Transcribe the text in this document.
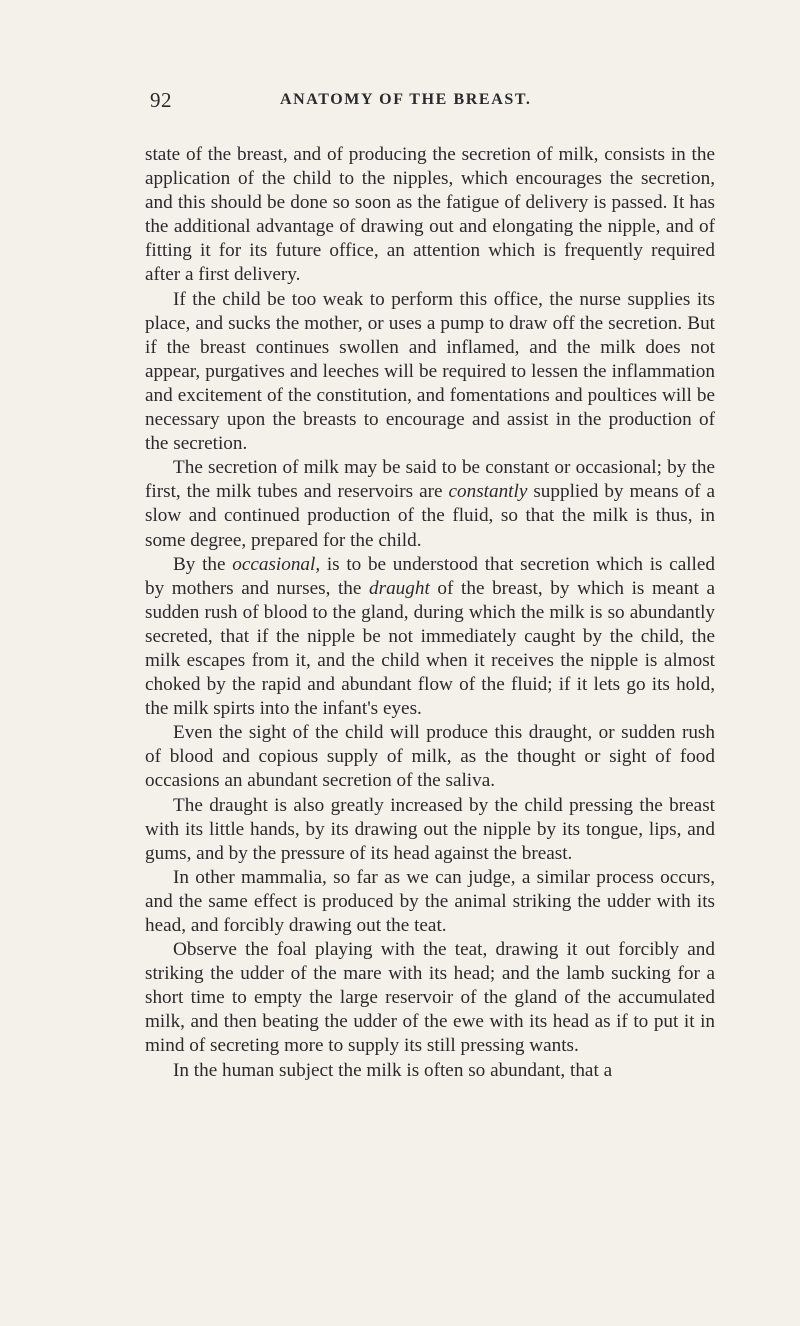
92	ANATOMY OF THE BREAST.

state of the breast, and of producing the secretion of milk, consists in the application of the child to the nipples, which encourages the secretion, and this should be done so soon as the fatigue of delivery is passed. It has the additional advantage of drawing out and elongating the nipple, and of fitting it for its future office, an attention which is frequently required after a first delivery.

If the child be too weak to perform this office, the nurse supplies its place, and sucks the mother, or uses a pump to draw off the secretion. But if the breast continues swollen and inflamed, and the milk does not appear, purgatives and leeches will be required to lessen the inflammation and excitement of the constitution, and fomentations and poultices will be necessary upon the breasts to encourage and assist in the production of the secretion.

The secretion of milk may be said to be constant or occasional; by the first, the milk tubes and reservoirs are constantly supplied by means of a slow and continued production of the fluid, so that the milk is thus, in some degree, prepared for the child.

By the occasional, is to be understood that secretion which is called by mothers and nurses, the draught of the breast, by which is meant a sudden rush of blood to the gland, during which the milk is so abundantly secreted, that if the nipple be not immediately caught by the child, the milk escapes from it, and the child when it receives the nipple is almost choked by the rapid and abundant flow of the fluid; if it lets go its hold, the milk spirts into the infant's eyes.

Even the sight of the child will produce this draught, or sudden rush of blood and copious supply of milk, as the thought or sight of food occasions an abundant secretion of the saliva.

The draught is also greatly increased by the child pressing the breast with its little hands, by its drawing out the nipple by its tongue, lips, and gums, and by the pressure of its head against the breast.

In other mammalia, so far as we can judge, a similar process occurs, and the same effect is produced by the animal striking the udder with its head, and forcibly drawing out the teat.

Observe the foal playing with the teat, drawing it out forcibly and striking the udder of the mare with its head; and the lamb sucking for a short time to empty the large reservoir of the gland of the accumulated milk, and then beating the udder of the ewe with its head as if to put it in mind of secreting more to supply its still pressing wants.

In the human subject the milk is often so abundant, that a
